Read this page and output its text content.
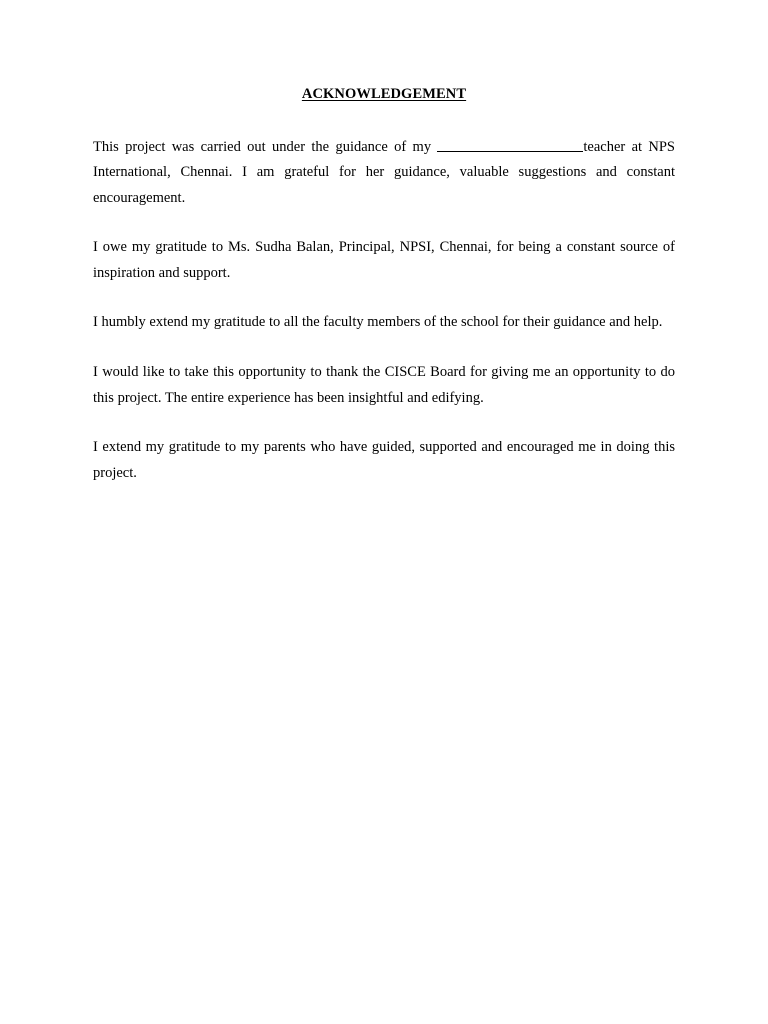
ACKNOWLEDGEMENT

This project was carried out under the guidance of my	teacher at NPS International, Chennai. I am grateful for her guidance, valuable suggestions and constant encouragement.

I owe my gratitude to Ms. Sudha Balan, Principal, NPSI, Chennai, for being a constant source of inspiration and support.

I humbly extend my gratitude to all the faculty members of the school for their guidance and help.

I would like to take this opportunity to thank the CISCE Board for giving me an opportunity to do this project. The entire experience has been insightful and edifying.

I extend my gratitude to my parents who have guided, supported and encouraged me in doing this project.
